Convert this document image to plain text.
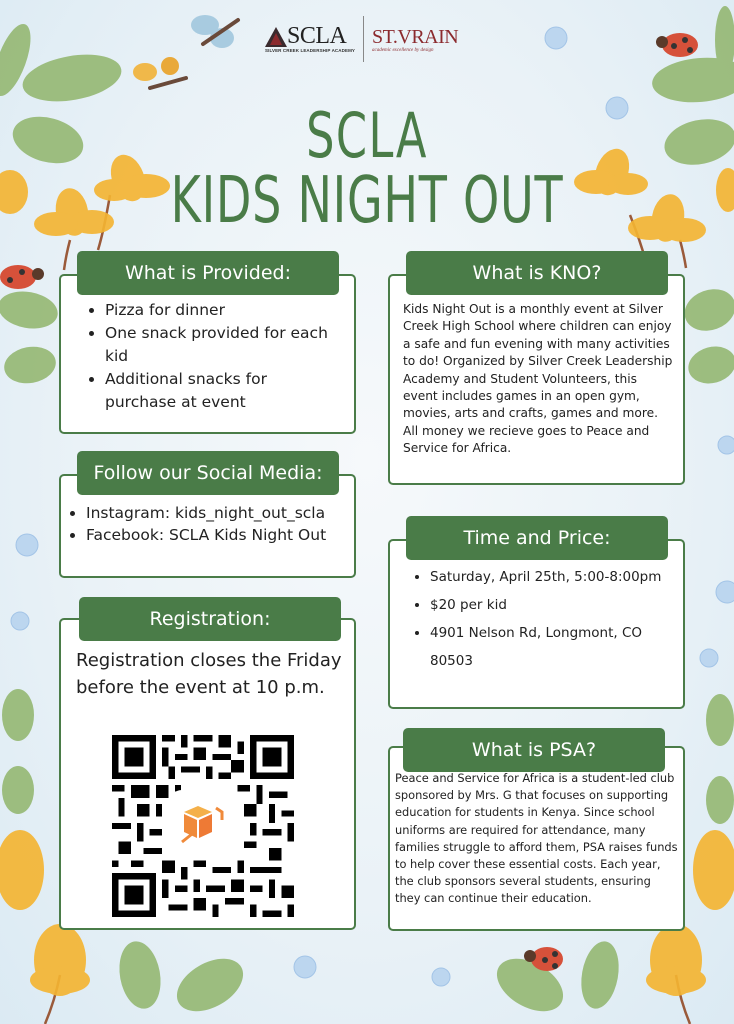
SCLA
SILVER CREEK LEADERSHIP ACADEMY
ST.VRAIN
academic excellence by design
SCLA
KIDS NIGHT OUT
What is Provided:
• Pizza for dinner
• One snack provided for each kid
• Additional snacks for purchase at event
What is KNO?
Kids Night Out is a monthly event at Silver Creek High School where children can enjoy a safe and fun evening with many activities to do! Organized by Silver Creek Leadership Academy and Student Volunteers, this event includes games in an open gym, movies, arts and crafts, games and more. All money we recieve goes to Peace and Service for Africa.
Follow our Social Media:
• Instagram: kids_night_out_scla
• Facebook: SCLA Kids Night Out	Time and Price:
• Saturday, April 25th, 5:00-8:00pm
• $20 per kid
• 4901 Nelson Rd, Longmont, CO 80503
Registration:
Registration closes the Friday before the event at 10 p.m.
What is PSA?
Peace and Service for Africa is a student-led club sponsored by Mrs. G that focuses on supporting education for students in Kenya. Since school uniforms are required for attendance, many families struggle to afford them, PSA raises funds to help cover these essential costs. Each year, the club sponsors several students, ensuring they can continue their education.
